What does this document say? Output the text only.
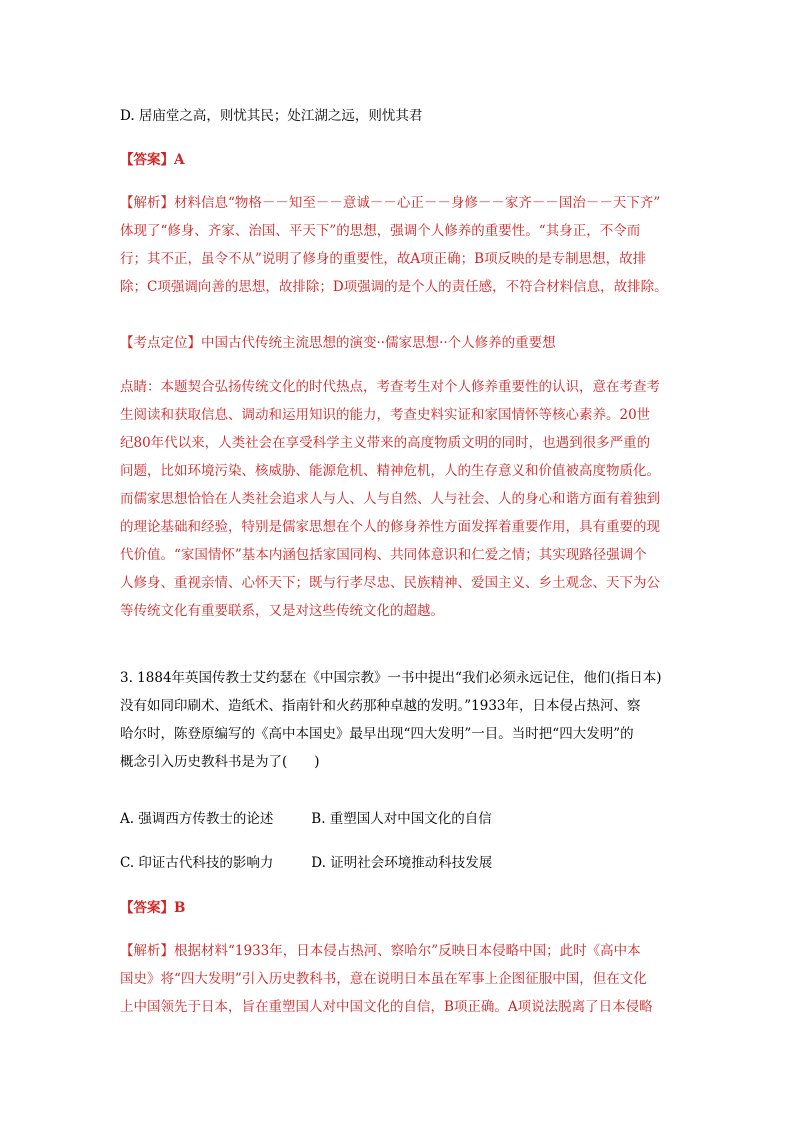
D. 居庙堂之高，则忧其民；处江湖之远，则忧其君
【答案】A
【解析】材料信息“物格－－知至－－意诚－－心正－－身修－－家齐－－国治－－天下齐”
体现了“修身、齐家、治国、平天下”的思想，强调个人修养的重要性。“其身正，不令而
行；其不正，虽令不从”说明了修身的重要性，故A项正确；B项反映的是专制思想，故排
除；C项强调向善的思想，故排除；D项强调的是个人的责任感，不符合材料信息，故排除。
【考点定位】中国古代传统主流思想的演变··儒家思想··个人修养的重要想
点睛：本题契合弘扬传统文化的时代热点，考查考生对个人修养重要性的认识，意在考查考
生阅读和获取信息、调动和运用知识的能力，考查史料实证和家国情怀等核心素养。20世
纪80年代以来，人类社会在享受科学主义带来的高度物质文明的同时，也遇到很多严重的
问题，比如环境污染、核威胁、能源危机、精神危机，人的生存意义和价值被高度物质化。
而儒家思想恰恰在人类社会追求人与人、人与自然、人与社会、人的身心和谐方面有着独到
的理论基础和经验，特别是儒家思想在个人的修身养性方面发挥着重要作用，具有重要的现
代价值。“家国情怀”基本内涵包括家国同构、共同体意识和仁爱之情；其实现路径强调个
人修身、重视亲情、心怀天下；既与行孝尽忠、民族精神、爱国主义、乡土观念、天下为公
等传统文化有重要联系，又是对这些传统文化的超越。
3. 1884年英国传教士艾约瑟在《中国宗教》一书中提出“我们必须永远记住，他们(指日本)
没有如同印刷术、造纸术、指南针和火药那种卓越的发明。”1933年，日本侵占热河、察
哈尔时，陈登原编写的《高中本国史》最早出现“四大发明”一目。当时把“四大发明”的
概念引入历史教科书是为了(　　)
A. 强调西方传教士的论述	B. 重塑国人对中国文化的自信
C. 印证古代科技的影响力	D. 证明社会环境推动科技发展
【答案】B
【解析】根据材料“1933年，日本侵占热河、察哈尔”反映日本侵略中国；此时《高中本
国史》将“四大发明”引入历史教科书，意在说明日本虽在军事上企图征服中国，但在文化
上中国领先于日本，旨在重塑国人对中国文化的自信，B项正确。A项说法脱离了日本侵略
